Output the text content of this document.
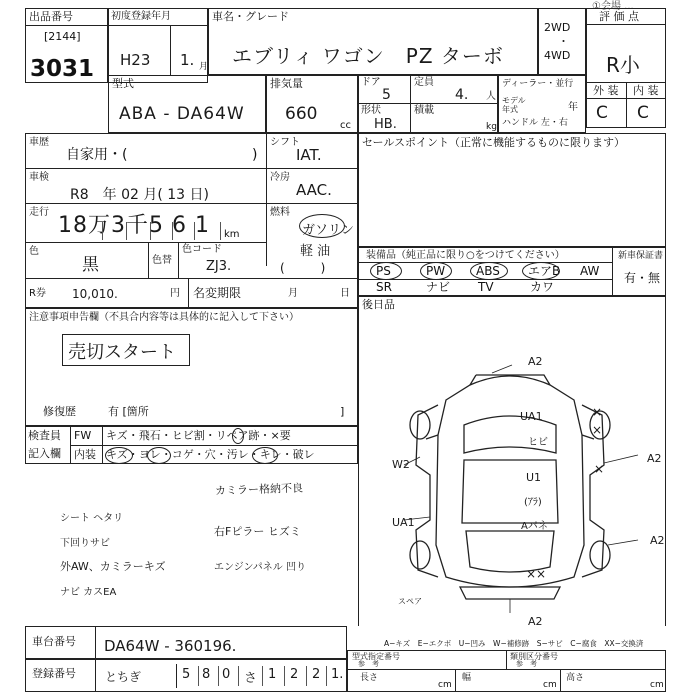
①会場 ...
出品番号
[2144]
3031
初度登録年月
H23 1. 月
車名・グレード
エブリィ ワゴン　PZ ターボ
2WD
・
4WD
評 価 点
R小
外 装 内 装
C C
型式
ABA - DA64W
排気量
660
cc
ドア
5
定員
4. 人
形状
HB.
積載
kg
ディーラー・並行
モデル年式	年
ハンドル 左・右
車歴
自家用・(	)
シフト
IAT.
車検
R8　年 02 月( 13 日)
冷房
AAC.
走行
18万3千5 6 1 km
燃料
ガソリン
軽 油
(　　　)
色
黒	色替
色コード
ZJ3.
R券 10,010.	円 名変期限	月	日
注意事項申告欄（不具合内容等は具体的に記入して下さい）
売切スタート
修復歴	有 [箇所	]
検査員
記入欄
FW キズ・飛石・ヒビ割・リペア跡・×要
内装 キズ・ヨレ・コゲ・穴・汚レ・キレ・破レ
カミラー格納不良
シート ヘタリ
下回りサビ
右Fピラー ヒズミ
外AW、カミラーキズ	エンジンパネル 凹り
ナビ カスEA
セールスポイント（正常に機能するものに限ります）
装備品（純正品に限り○をつけてください）	新車保証書
有・無
PS	PW	ABS エアB AW
SR	ナビ TV	カワ
後日品
A2
UA1
ヒビ
U1
(ｱﾗ)
Aパネ
W2	A2
UA1
××
A2
A2
スペア
×
×
×
A−キズ　E−エクボ　U−凹み　W−補修跡　S−サビ　C−腐食　XX−交換済
車台番号 DA64W - 360196.
登録番号 とちぎ	5 8 0 さ 1 2 2 1.
型式指定番号
参　考
類別区分番号
参　考
長さ
cm
幅
cm
高さ
cm
